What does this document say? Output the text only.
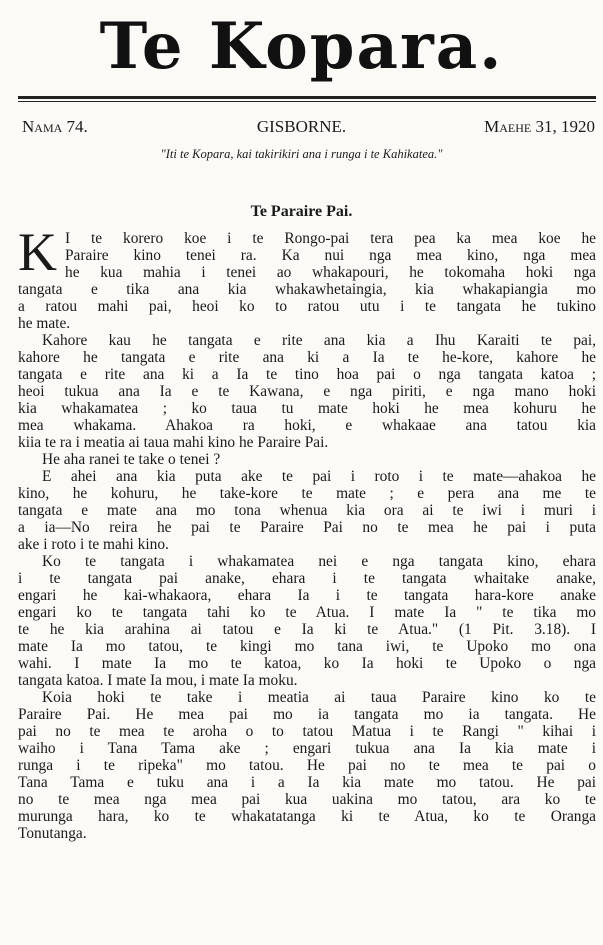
Te Kopara.
Nama 74.	GISBORNE.	Maehe 31, 1920
"Iti te Kopara, kai takirikiri ana i runga i te Kahikatea."
Te Paraire Pai.
K I te korero koe i te Rongo-pai tera pea ka mea koe he
Paraire kino tenei ra. Ka nui nga mea kino, nga mea
he kua mahia i tenei ao whakapouri, he tokomaha hoki nga
tangata e tika ana kia whakawhetaingia, kia whakapiangia mo
a ratou mahi pai, heoi ko to ratou utu i te tangata he tukino
he mate.
Kahore kau he tangata e rite ana kia a Ihu Karaiti te pai,
kahore he tangata e rite ana ki a Ia te he-kore, kahore he
tangata e rite ana ki a Ia te tino hoa pai o nga tangata katoa ;
heoi tukua ana Ia e te Kawana, e nga piriti, e nga mano hoki
kia whakamatea ; ko taua tu mate hoki he mea kohuru he
mea whakama. Ahakoa ra hoki, e whakaae ana tatou kia
kiia te ra i meatia ai taua mahi kino he Paraire Pai.
He aha ranei te take o tenei ?
E ahei ana kia puta ake te pai i roto i te mate—ahakoa he
kino, he kohuru, he take-kore te mate ; e pera ana me te
tangata e mate ana mo tona whenua kia ora ai te iwi i muri i
a ia—No reira he pai te Paraire Pai no te mea he pai i puta
ake i roto i te mahi kino.
Ko te tangata i whakamatea nei e nga tangata kino, ehara
i te tangata pai anake, ehara i te tangata whaitake anake,
engari he kai-whakaora, ehara Ia i te tangata hara-kore anake
engari ko te tangata tahi ko te Atua. I mate Ia " te tika mo
te he kia arahina ai tatou e Ia ki te Atua." (1 Pit. 3.18). I
mate Ia mo tatou, te kingi mo tana iwi, te Upoko mo ona
wahi. I mate Ia mo te katoa, ko Ia hoki te Upoko o nga
tangata katoa. I mate Ia mou, i mate Ia moku.
Koia hoki te take i meatia ai taua Paraire kino ko te
Paraire Pai. He mea pai mo ia tangata mo ia tangata. He
pai no te mea te aroha o to tatou Matua i te Rangi " kihai i
waiho i Tana Tama ake ; engari tukua ana Ia kia mate i
runga i te ripeka" mo tatou. He pai no te mea te pai o
Tana Tama e tuku ana i a Ia kia mate mo tatou. He pai
no te mea nga mea pai kua uakina mo tatou, ara ko te
murunga hara, ko te whakatatanga ki te Atua, ko te Oranga
Tonutanga.
